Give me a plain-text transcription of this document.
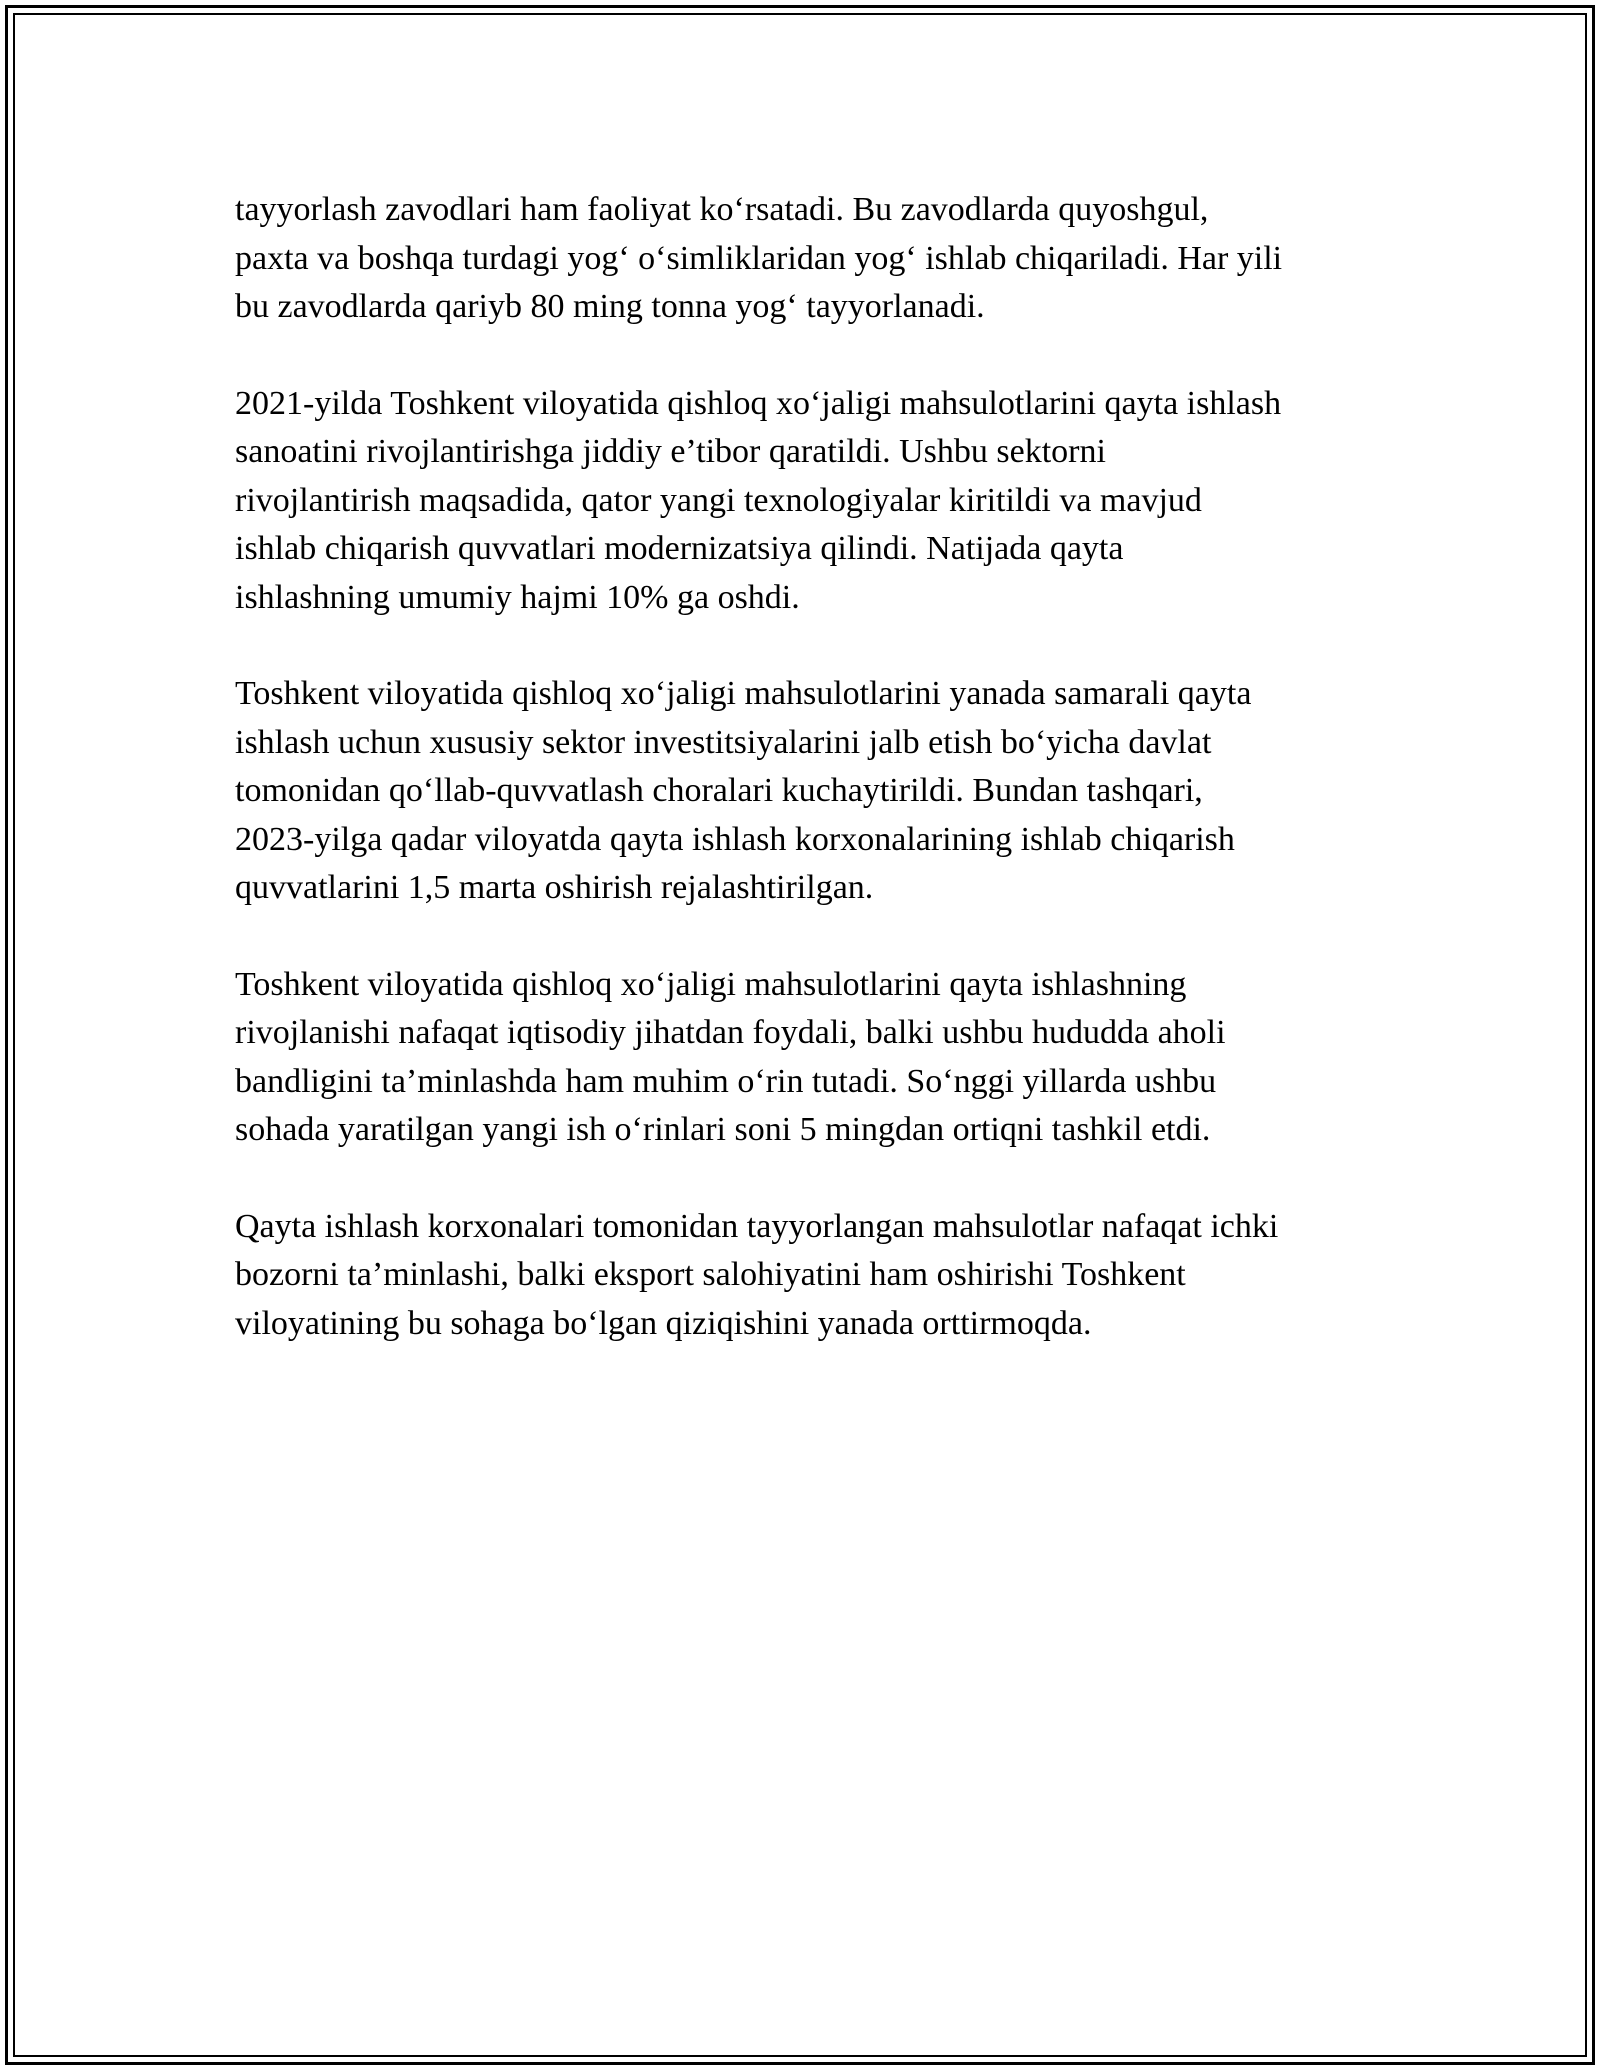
tayyorlash zavodlari ham faoliyat ko‘rsatadi. Bu zavodlarda quyoshgul,
paxta va boshqa turdagi yog‘ o‘simliklaridan yog‘ ishlab chiqariladi. Har yili
bu zavodlarda qariyb 80 ming tonna yog‘ tayyorlanadi.

2021-yilda Toshkent viloyatida qishloq xo‘jaligi mahsulotlarini qayta ishlash
sanoatini rivojlantirishga jiddiy e’tibor qaratildi. Ushbu sektorni
rivojlantirish maqsadida, qator yangi texnologiyalar kiritildi va mavjud
ishlab chiqarish quvvatlari modernizatsiya qilindi. Natijada qayta
ishlashning umumiy hajmi 10% ga oshdi.

Toshkent viloyatida qishloq xo‘jaligi mahsulotlarini yanada samarali qayta
ishlash uchun xususiy sektor investitsiyalarini jalb etish bo‘yicha davlat
tomonidan qo‘llab-quvvatlash choralari kuchaytirildi. Bundan tashqari,
2023-yilga qadar viloyatda qayta ishlash korxonalarining ishlab chiqarish
quvvatlarini 1,5 marta oshirish rejalashtirilgan.

Toshkent viloyatida qishloq xo‘jaligi mahsulotlarini qayta ishlashning
rivojlanishi nafaqat iqtisodiy jihatdan foydali, balki ushbu hududda aholi
bandligini ta’minlashda ham muhim o‘rin tutadi. So‘nggi yillarda ushbu
sohada yaratilgan yangi ish o‘rinlari soni 5 mingdan ortiqni tashkil etdi.

Qayta ishlash korxonalari tomonidan tayyorlangan mahsulotlar nafaqat ichki
bozorni ta’minlashi, balki eksport salohiyatini ham oshirishi Toshkent
viloyatining bu sohaga bo‘lgan qiziqishini yanada orttirmoqda.
